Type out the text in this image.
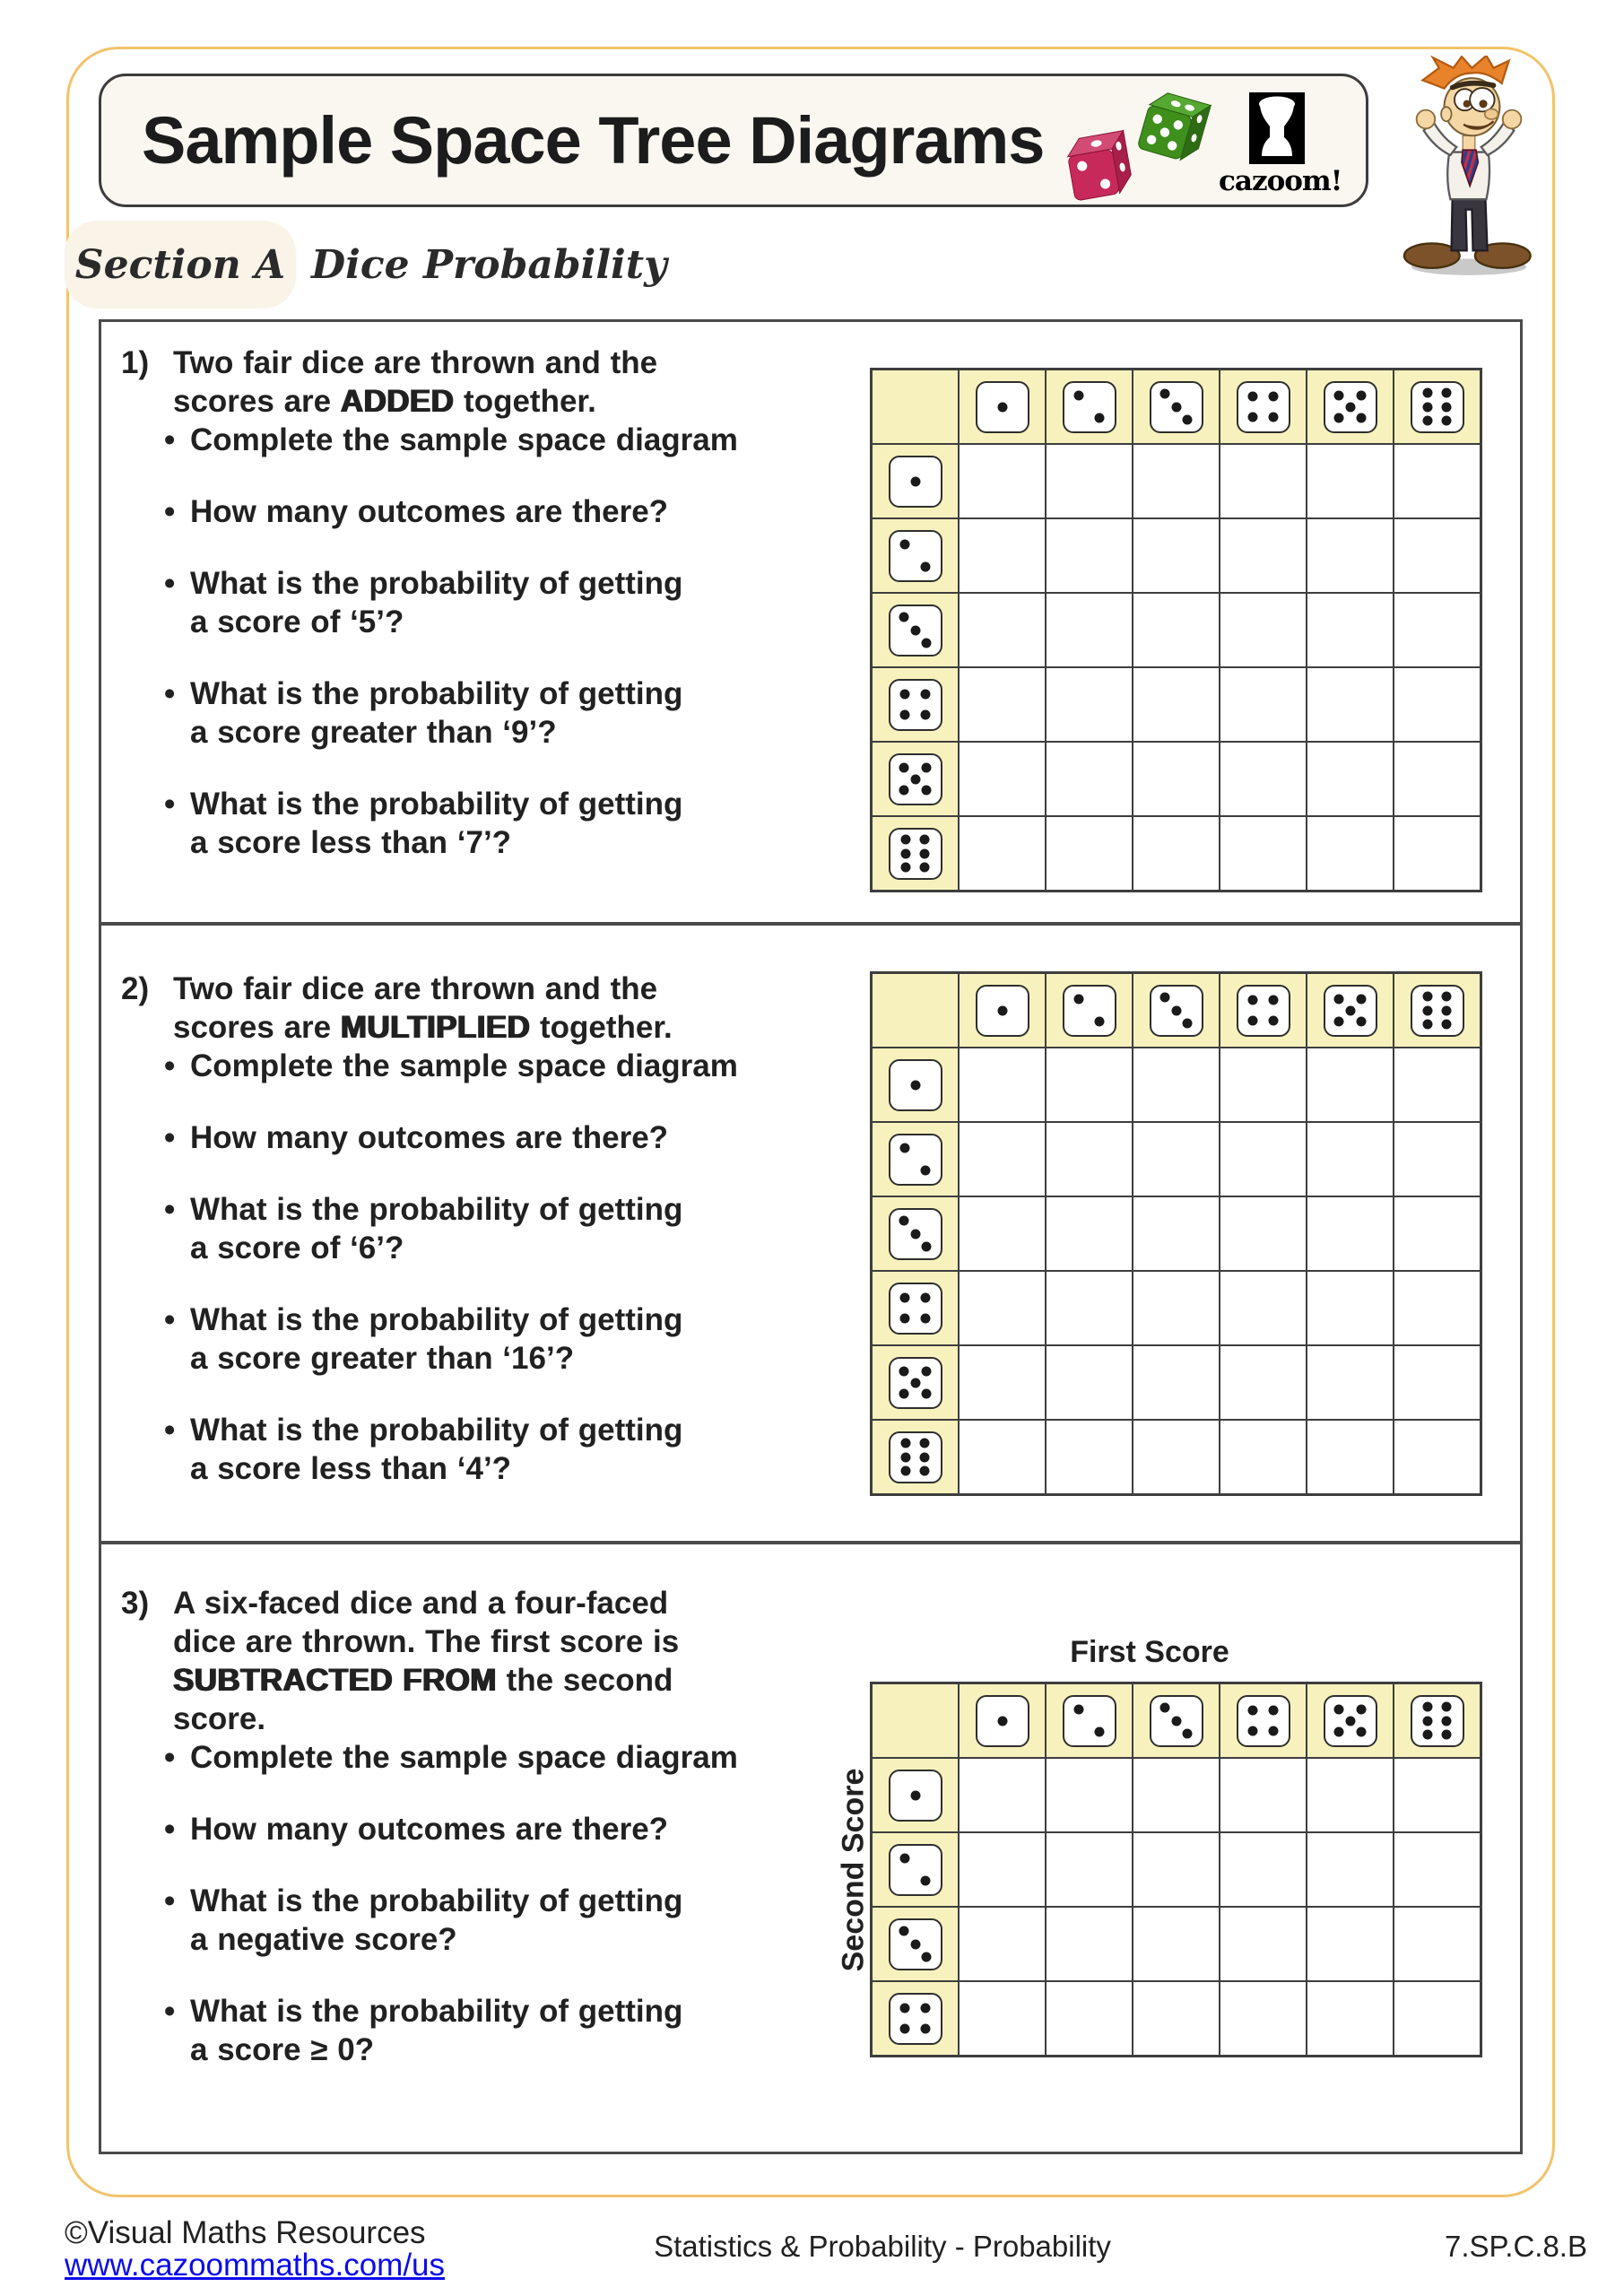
Sample Space Tree Diagrams
cazoom!
Section A Dice Probability
1) Two fair dice are thrown and the
scores are ADDED together.
• Complete the sample space diagram
• How many outcomes are there?
• What is the probability of getting
a score of ‘5’?
• What is the probability of getting
a score greater than ‘9’?
• What is the probability of getting
a score less than ‘7’?
2) Two fair dice are thrown and the
scores are MULTIPLIED together.
• Complete the sample space diagram
• How many outcomes are there?
• What is the probability of getting
a score of ‘6’?
• What is the probability of getting
a score greater than ‘16’?
• What is the probability of getting
a score less than ‘4’?
3) A six-faced dice and a four-faced
dice are thrown. The first score is
SUBTRACTED FROM the second
score.
• Complete the sample space diagram
• How many outcomes are there?
• What is the probability of getting
a negative score?
• What is the probability of getting
a score ≥ 0?
First Score
Second Score
©Visual Maths Resources
www.cazoommaths.com/us
Statistics & Probability - Probability	7.SP.C.8.B
